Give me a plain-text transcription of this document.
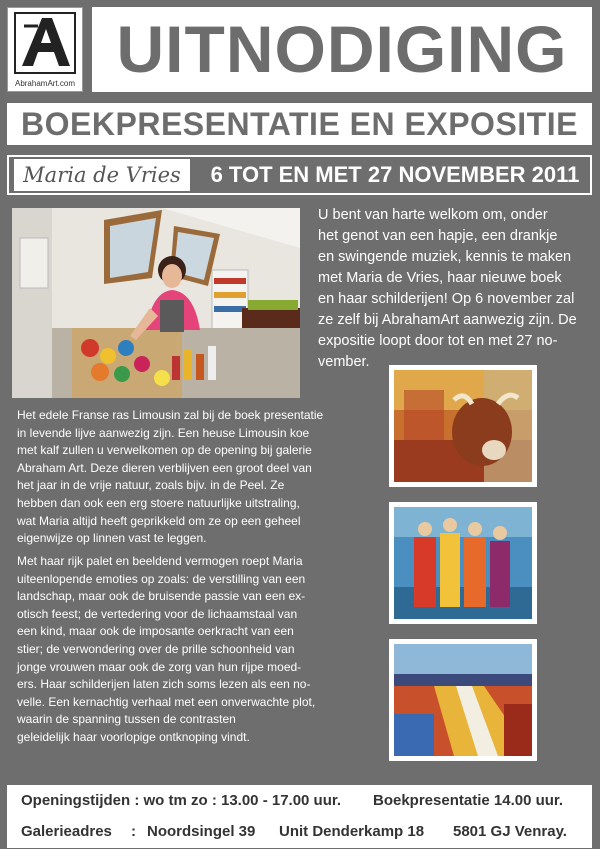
AbrahamArt.com UITNODIGING
BOEKPRESENTATIE EN EXPOSITIE
Maria de Vries	6 TOT EN MET 27 NOVEMBER 2011
U bent van harte welkom om, onder
het genot van een hapje, een drankje
en swingende muziek, kennis te maken
met Maria de Vries, haar nieuwe boek
en haar schilderijen! Op 6 november zal
ze zelf bij AbrahamArt aanwezig zijn. De
expositie loopt door tot en met 27 no-
vember.
Het edele Franse ras Limousin zal bij de boek presentatie
in levende lijve aanwezig zijn. Een heuse Limousin koe
met kalf zullen u verwelkomen op de opening bij galerie
Abraham Art. Deze dieren verblijven een groot deel van
het jaar in de vrije natuur, zoals bijv. in de Peel. Ze
hebben dan ook een erg stoere natuurlijke uitstraling,
wat Maria altijd heeft geprikkeld om ze op een geheel
eigenwijze op linnen vast te leggen.
Met haar rijk palet en beeldend vermogen roept Maria
uiteenlopende emoties op zoals: de verstilling van een
landschap, maar ook de bruisende passie van een ex-
otisch feest; de vertedering voor de lichaamstaal van
een kind, maar ook de imposante oerkracht van een
stier; de verwondering over de prille schoonheid van
jonge vrouwen maar ook de zorg van hun rijpe moed-
ers. Haar schilderijen laten zich soms lezen als een no-
velle. Een kernachtig verhaal met een onverwachte plot,
waarin de spanning tussen de contrasten
geleidelijk haar voorlopige ontknoping vindt.
Openingstijden : wo tm zo : 13.00 - 17.00 uur. Boekpresentatie 14.00 uur.
Galerieadres : Noordsingel 39 Unit Denderkamp 18 5801 GJ Venray.
